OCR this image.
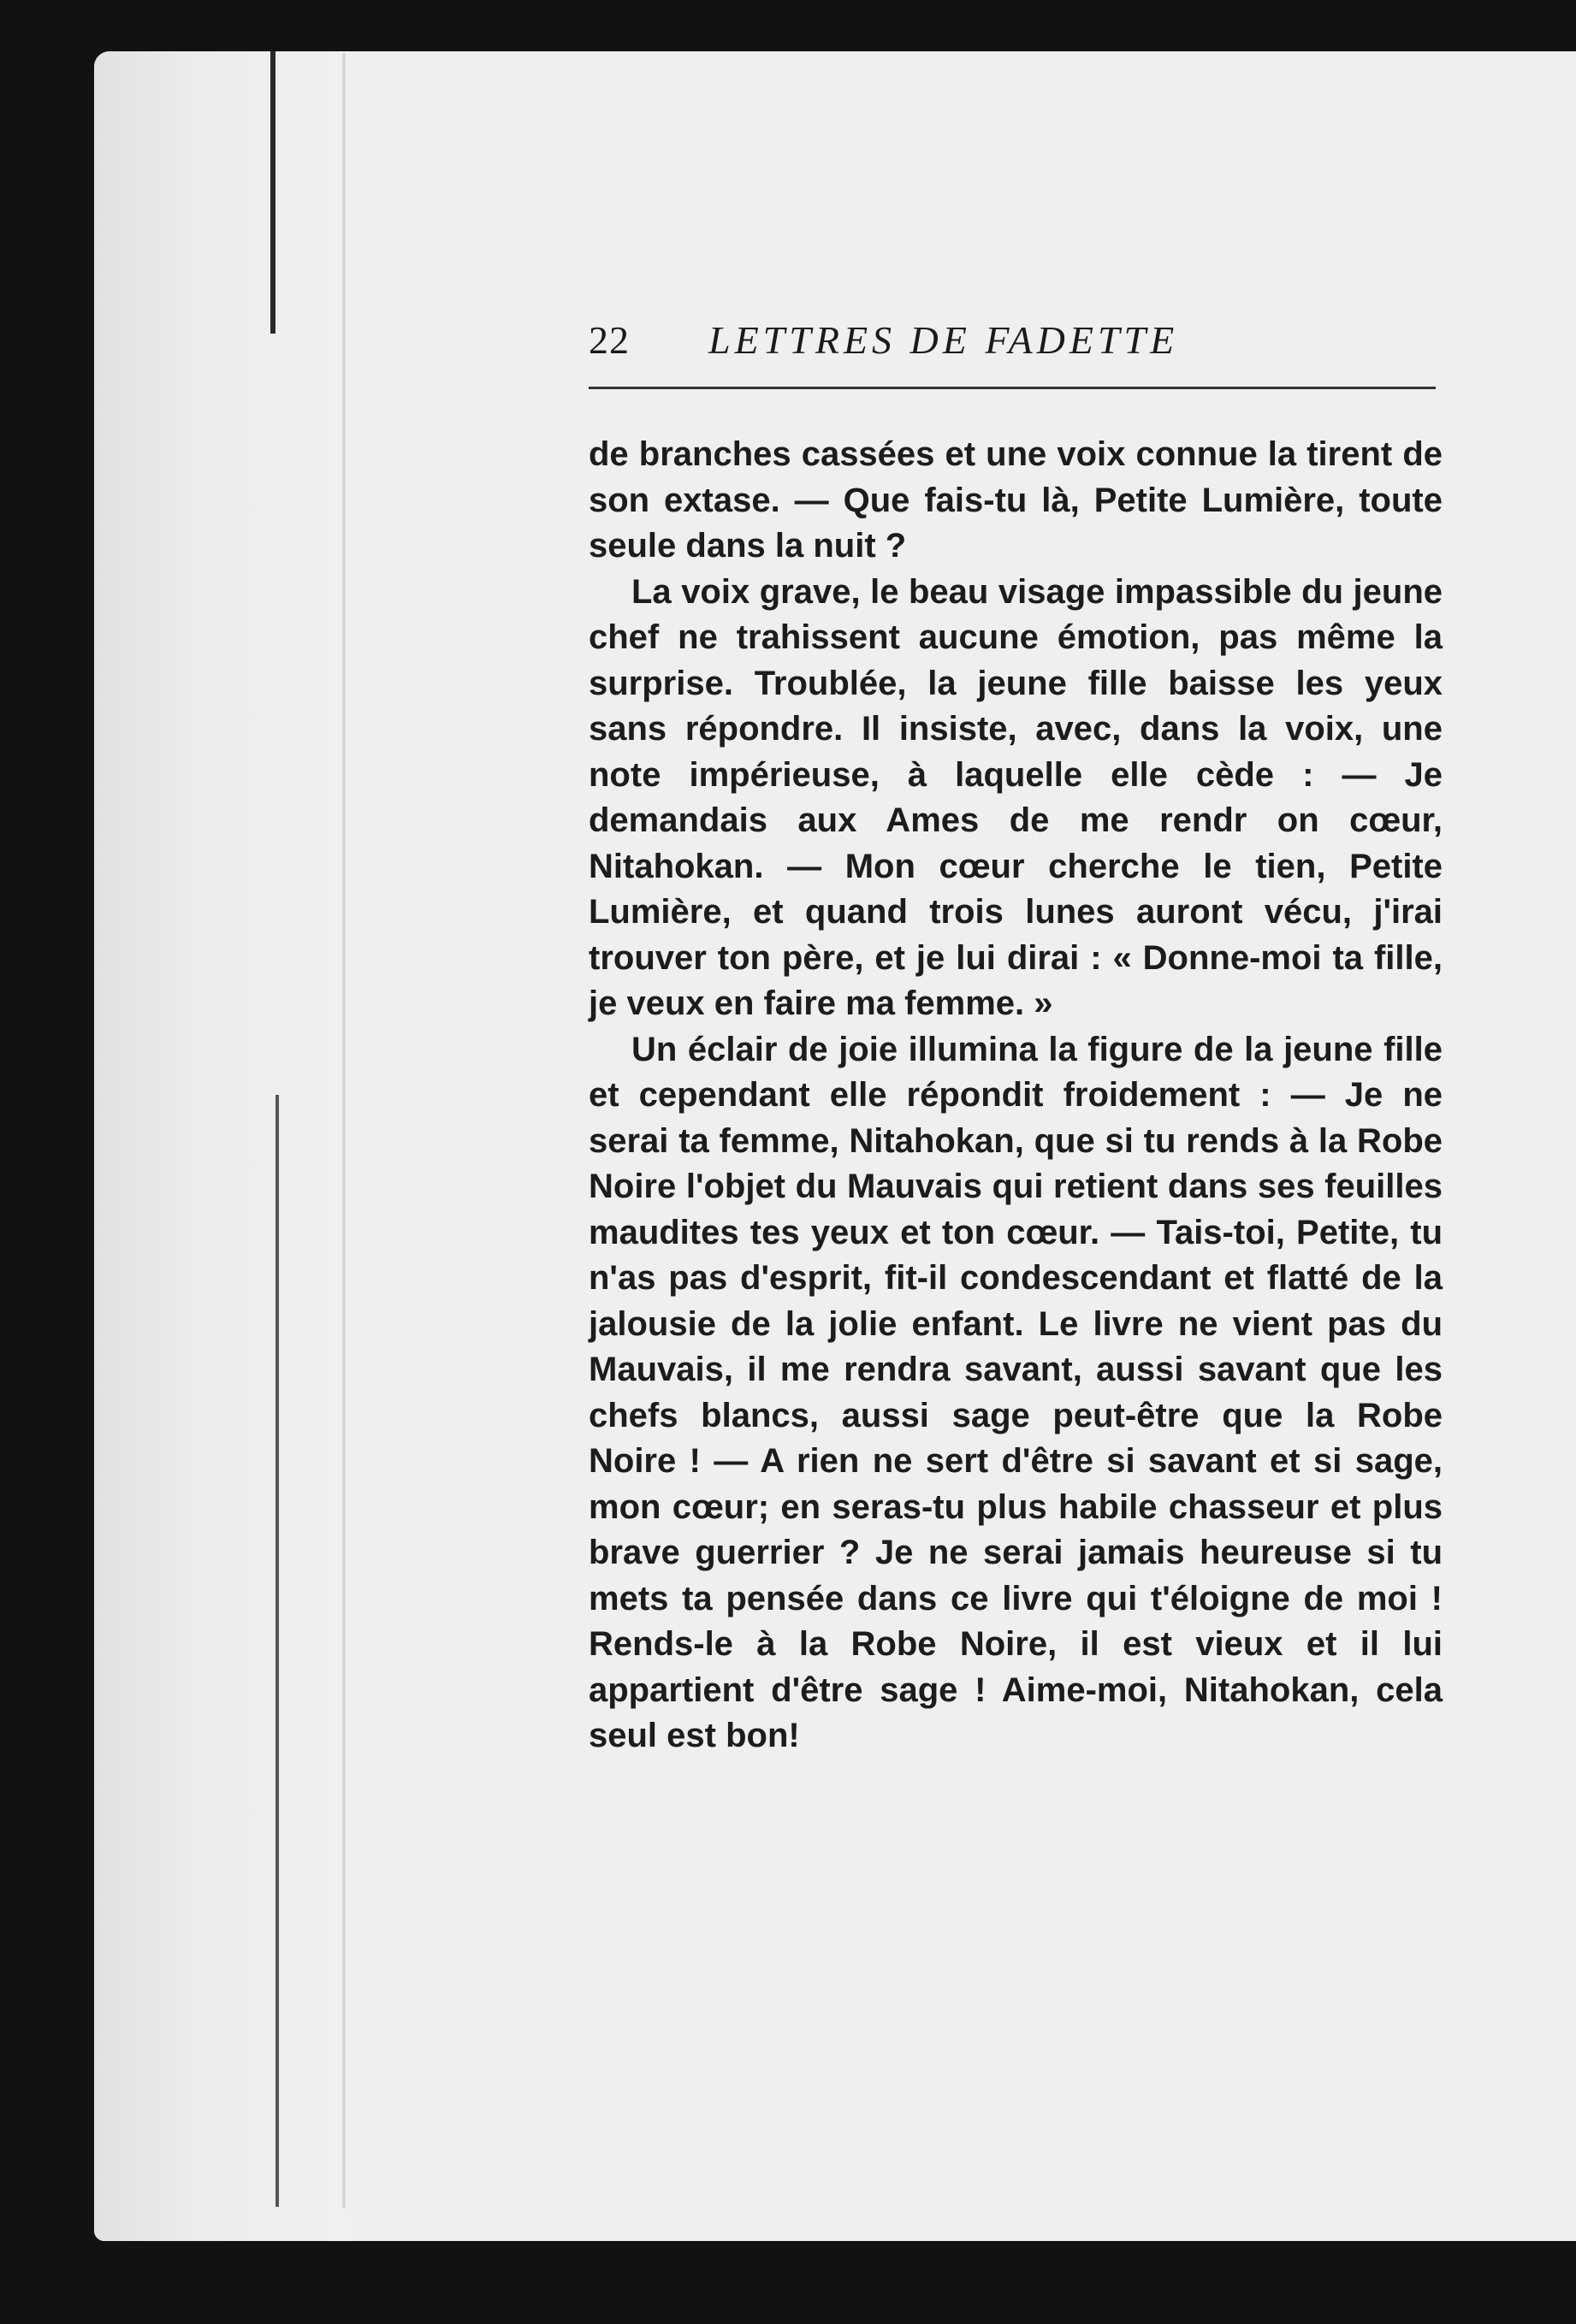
22	LETTRES DE FADETTE

de branches cassées et une voix connue la tirent de son extase. — Que fais-tu là, Petite Lumière, toute seule dans la nuit ?

La voix grave, le beau visage impassible du jeune chef ne trahissent aucune émotion, pas même la surprise. Troublée, la jeune fille baisse les yeux sans répondre. Il insiste, avec, dans la voix, une note impérieuse, à laquelle elle cède : — Je demandais aux Ames de me rendr on cœur, Nitahokan. — Mon cœur cherche le tien, Petite Lumière, et quand trois lunes auront vécu, j'irai trouver ton père, et je lui dirai : « Donne-moi ta fille, je veux en faire ma femme. »

Un éclair de joie illumina la figure de la jeune fille et cependant elle répondit froidement : — Je ne serai ta femme, Nitahokan, que si tu rends à la Robe Noire l'objet du Mauvais qui retient dans ses feuilles maudites tes yeux et ton cœur. — Tais-toi, Petite, tu n'as pas d'esprit, fit-il condescendant et flatté de la jalousie de la jolie enfant. Le livre ne vient pas du Mauvais, il me rendra savant, aussi savant que les chefs blancs, aussi sage peut-être que la Robe Noire ! — A rien ne sert d'être si savant et si sage, mon cœur; en seras-tu plus habile chasseur et plus brave guerrier ? Je ne serai jamais heureuse si tu mets ta pensée dans ce livre qui t'éloigne de moi ! Rends-le à la Robe Noire, il est vieux et il lui appartient d'être sage ! Aime-moi, Nitahokan, cela seul est bon!
